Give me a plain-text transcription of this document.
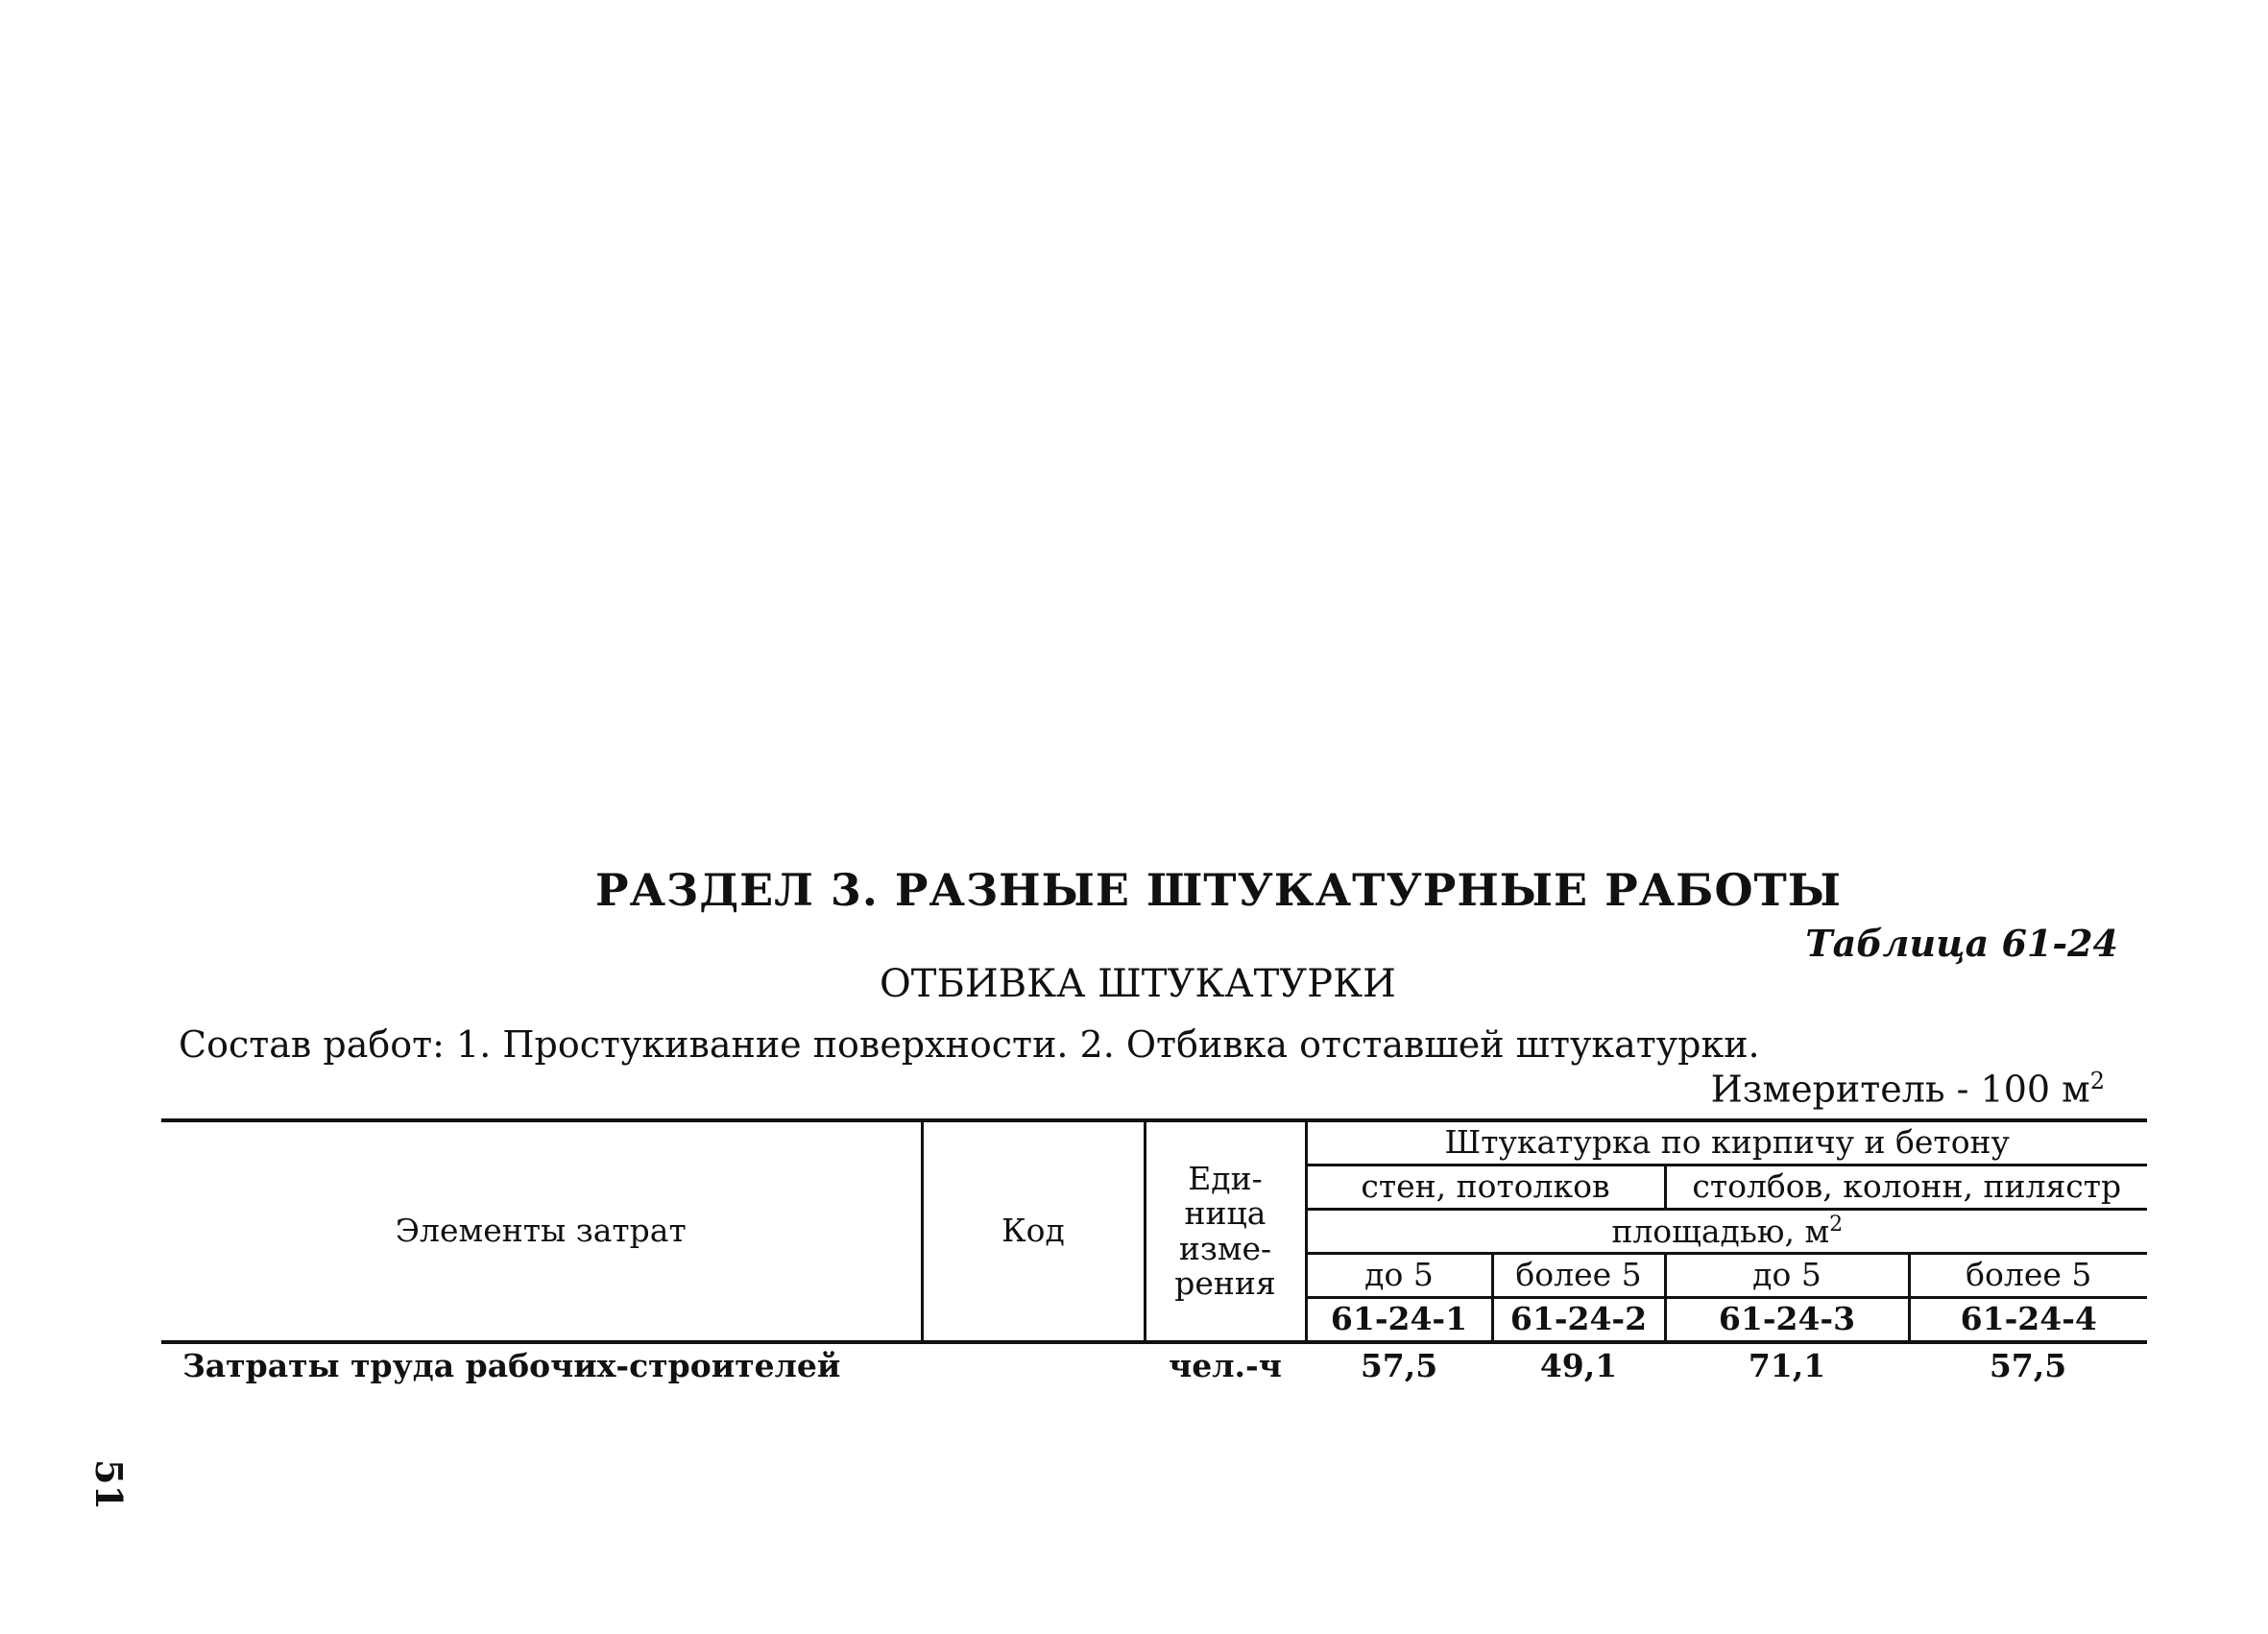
РАЗДЕЛ 3. РАЗНЫЕ ШТУКАТУРНЫЕ РАБОТЫ
Таблица 61-24
ОТБИВКА ШТУКАТУРКИ
Состав работ: 1. Простукивание поверхности. 2. Отбивка отставшей штукатурки.
Измеритель - 100 $м^2$
Элементы затрат	Код	Еди-
ница
изме-
рения	Штукатурка по кирпичу и бетону			
			стен, потолков		столбов, колонн, пилястр	
			площадью, $м^2$
			до 5	более 5	до 5	более 5
			61-24-1	61-24-2	61-24-3	61-24-4
Затраты труда рабочих-строителей		чел.-ч	57,5	49,1	71,1	57,5
51
